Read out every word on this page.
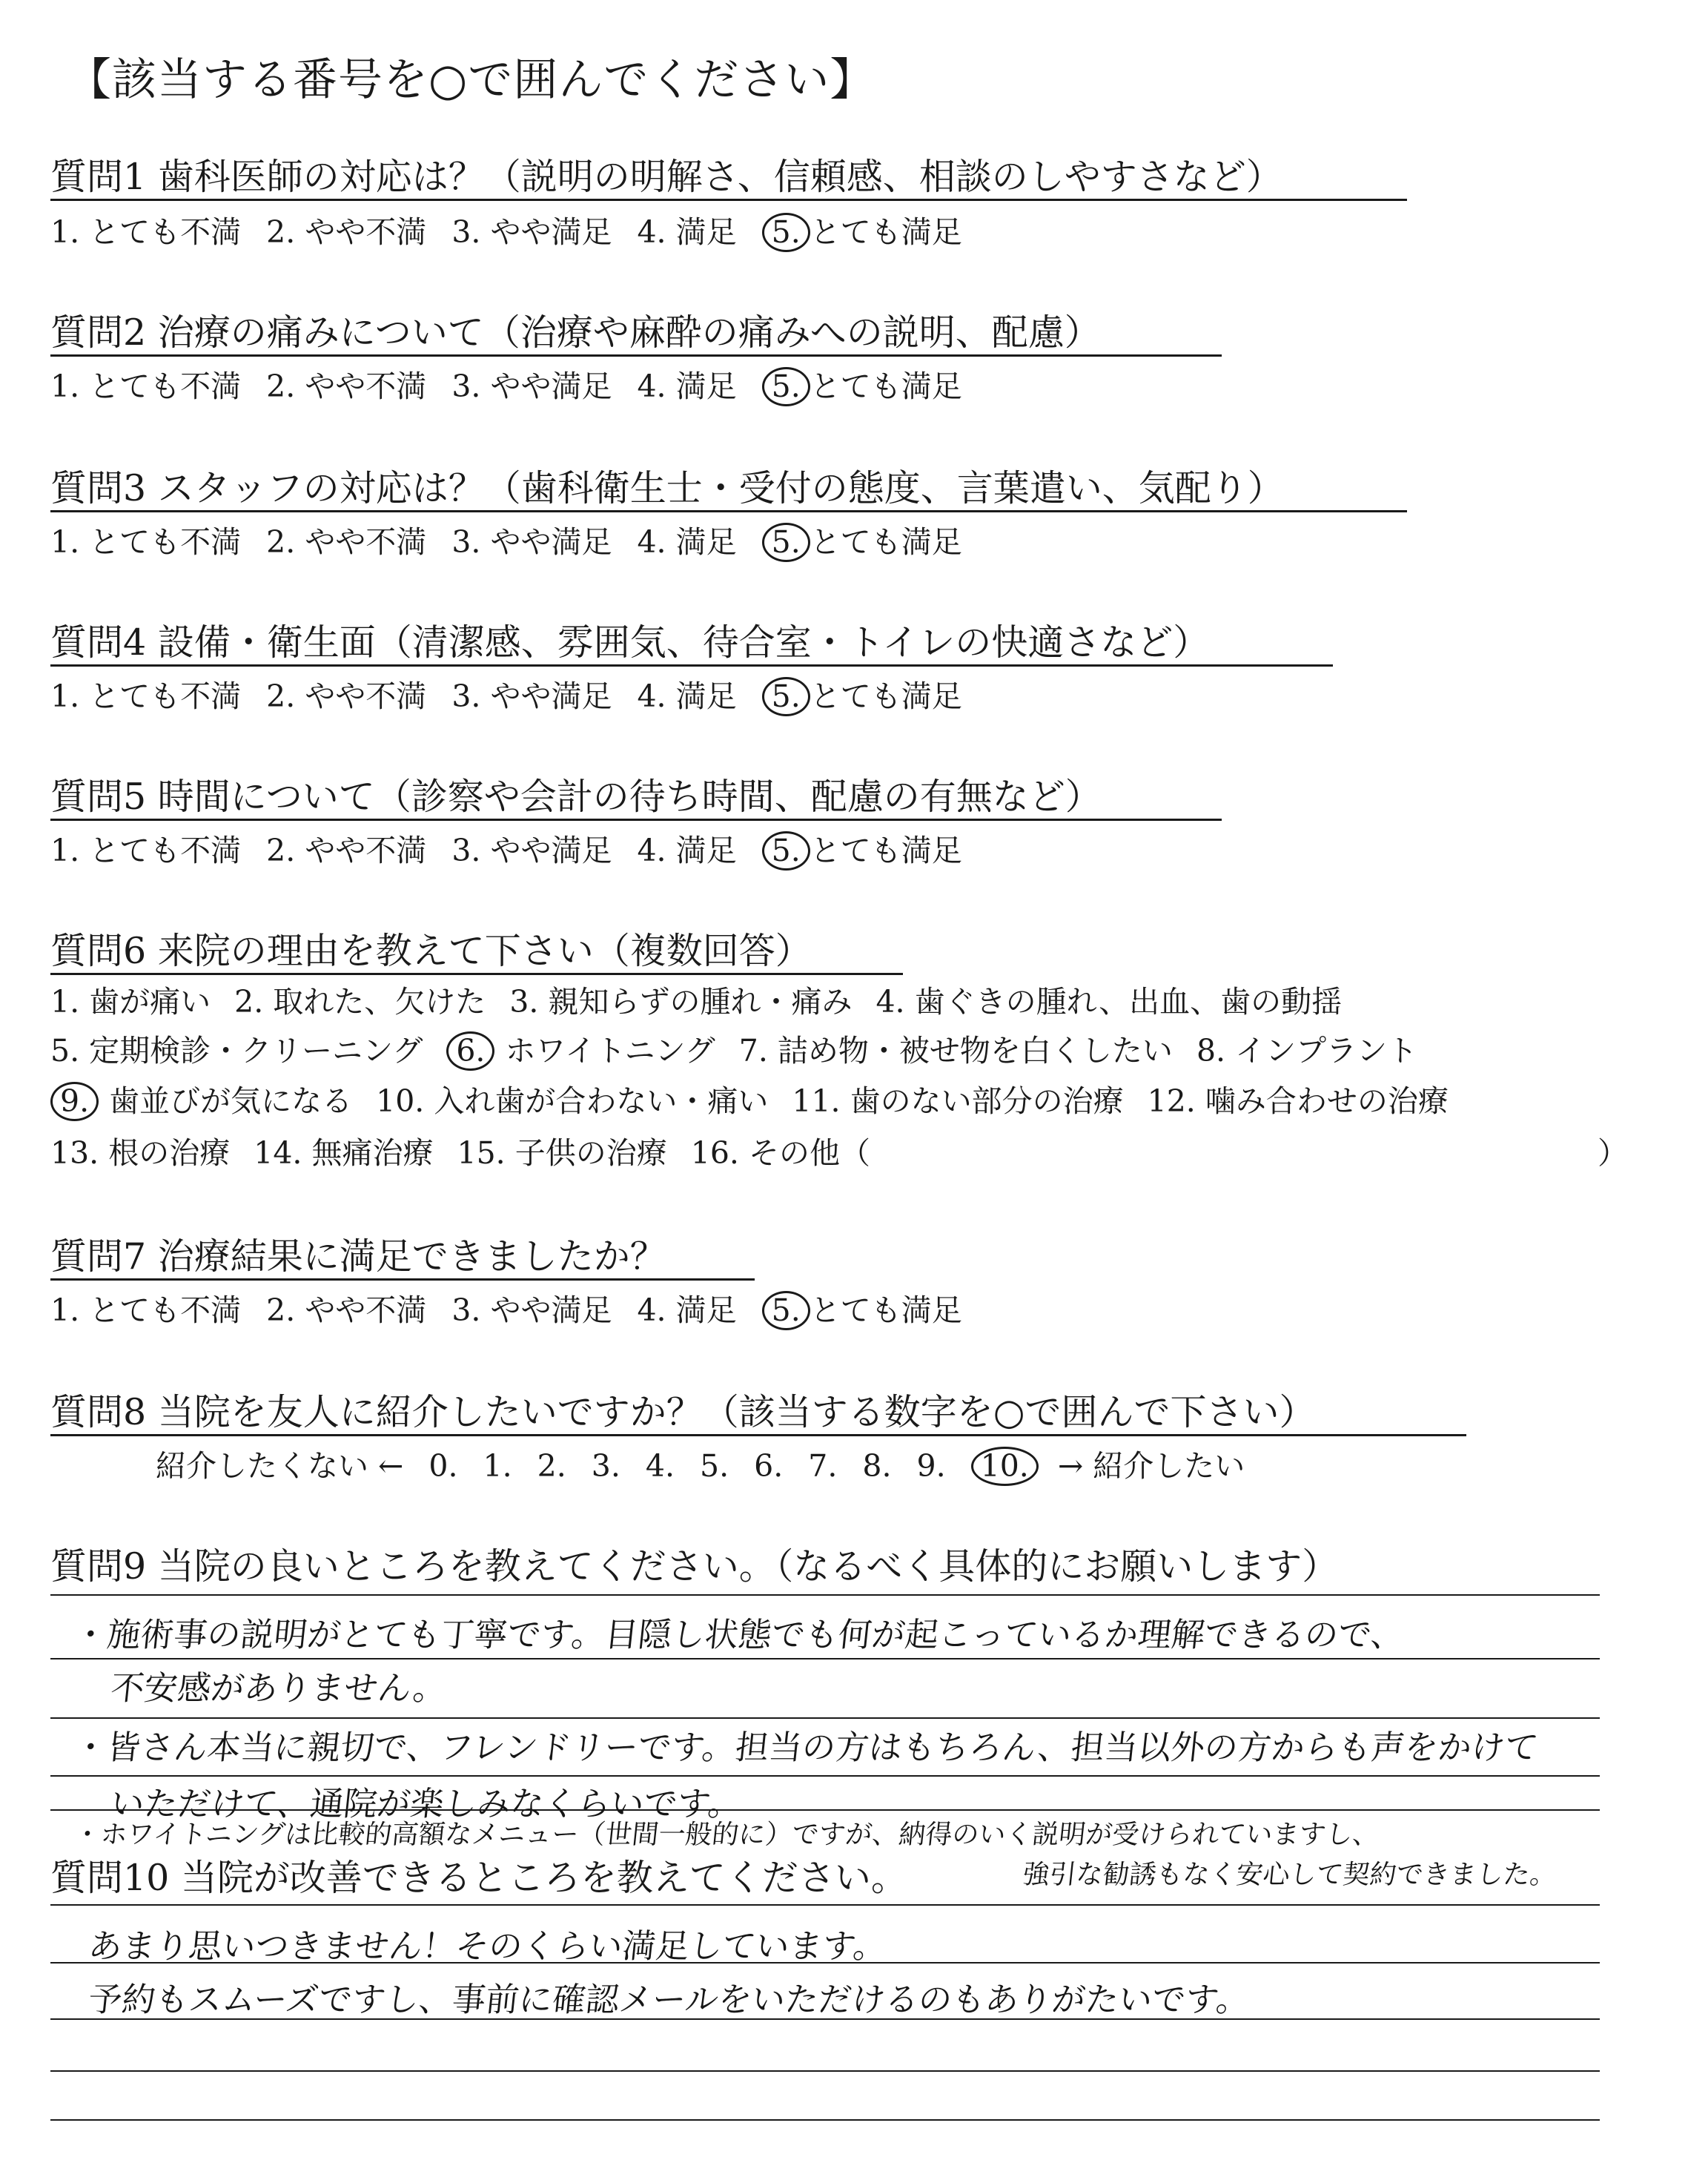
【該当する番号を○で囲んでください】
質問1 歯科医師の対応は？（説明の明解さ、信頼感、相談のしやすさなど）
1. とても不満 2. やや不満 3. やや満足 4. 満足 5. とても満足
質問2 治療の痛みについて（治療や麻酔の痛みへの説明、配慮）
1. とても不満 2. やや不満 3. やや満足 4. 満足 5. とても満足
質問3 スタッフの対応は？（歯科衛生士・受付の態度、言葉遣い、気配り）
1. とても不満 2. やや不満 3. やや満足 4. 満足 5. とても満足
質問4 設備・衛生面（清潔感、雰囲気、待合室・トイレの快適さなど）
1. とても不満 2. やや不満 3. やや満足 4. 満足 5. とても満足
質問5 時間について（診察や会計の待ち時間、配慮の有無など）
1. とても不満 2. やや不満 3. やや満足 4. 満足 5. とても満足
質問6 来院の理由を教えて下さい（複数回答）
1. 歯が痛い 2. 取れた、欠けた 3. 親知らずの腫れ・痛み 4. 歯ぐきの腫れ、出血、歯の動揺
5. 定期検診・クリーニング 6. ホワイトニング 7. 詰め物・被せ物を白くしたい 8. インプラント
9. 歯並びが気になる 10. 入れ歯が合わない・痛い 11. 歯のない部分の治療 12. 噛み合わせの治療
13. 根の治療 14. 無痛治療 15. 子供の治療 16. その他（	）
質問7 治療結果に満足できましたか？
1. とても不満 2. やや不満 3. やや満足 4. 満足 5. とても満足
質問8 当院を友人に紹介したいですか？（該当する数字を○で囲んで下さい）
紹介したくない ← 0. 1. 2. 3. 4. 5. 6. 7. 8. 9. 10. → 紹介したい
質問9 当院の良いところを教えてください。（なるべく具体的にお願いします）
・施術事の説明がとても丁寧です。目隠し状態でも何が起こっているか理解できるので、
不安感がありません。
・皆さん本当に親切で、フレンドリーです。担当の方はもちろん、担当以外の方からも声をかけて
いただけて、通院が楽しみなくらいです。
・ホワイトニングは比較的高額なメニュー（世間一般的に）ですが、納得のいく説明が受けられていますし、
質問10 当院が改善できるところを教えてください。	強引な勧誘もなく安心して契約できました。
あまり思いつきません！そのくらい満足しています。
予約もスムーズですし、事前に確認メールをいただけるのもありがたいです。
